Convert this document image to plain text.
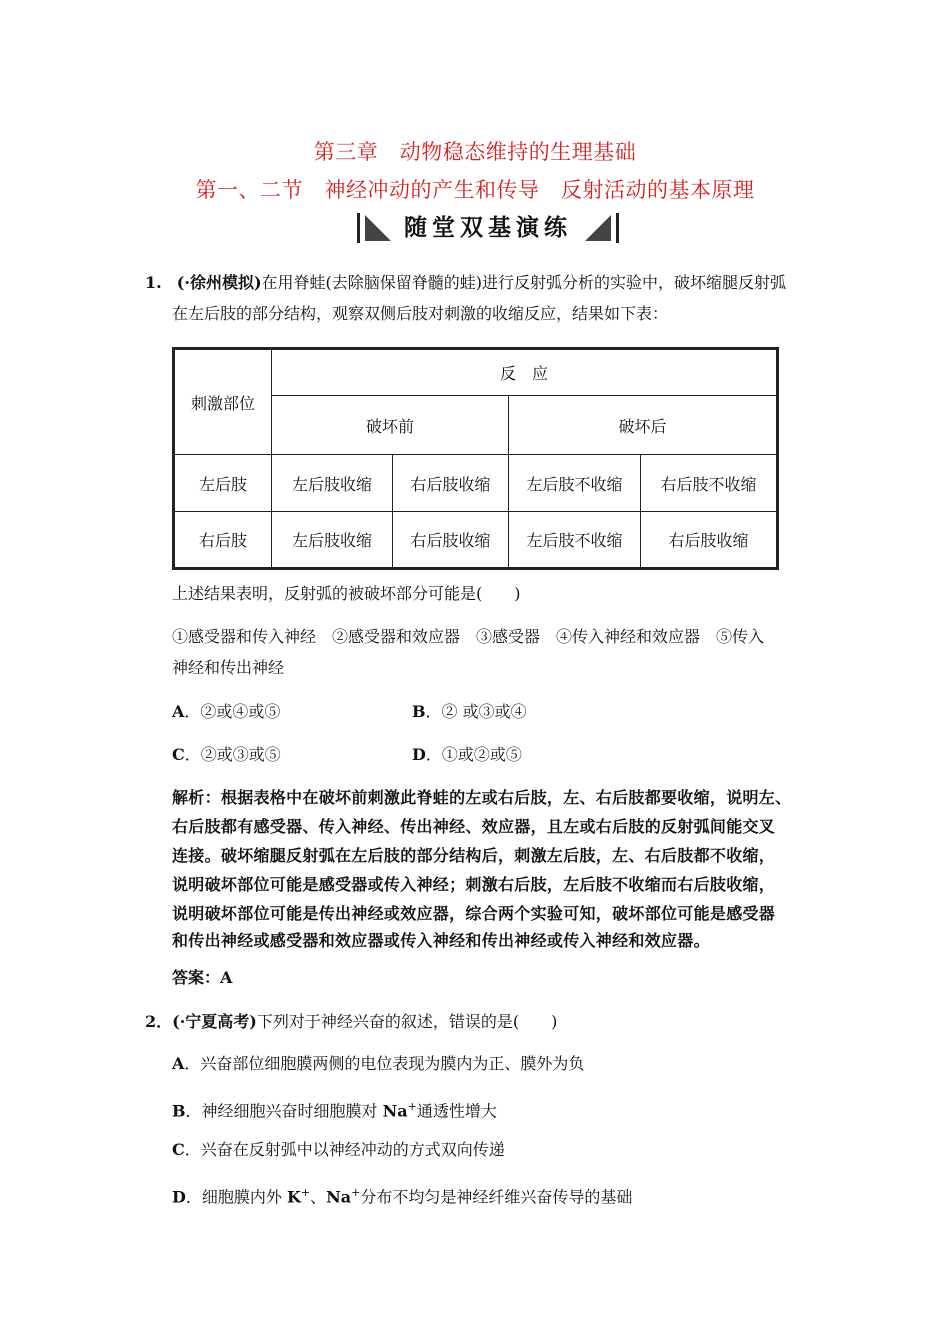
第三章　动物稳态维持的生理基础
第一、二节　神经冲动的产生和传导　反射活动的基本原理
随堂双基演练
1. (·徐州模拟)在用脊蛙(去除脑保留脊髓的蛙)进行反射弧分析的实验中，破坏缩腿反射弧
在左后肢的部分结构，观察双侧后肢对刺激的收缩反应，结果如下表：
刺激部位	反　应			
	破坏前		破坏后	
左后肢	左后肢收缩	右后肢收缩	左后肢不收缩	右后肢不收缩
右后肢	左后肢收缩	右后肢收缩	左后肢不收缩	右后肢收缩
上述结果表明，反射弧的被破坏部分可能是(　　)
①感受器和传入神经　②感受器和效应器　③感受器　④传入神经和效应器　⑤传入
神经和传出神经
A．②或④或⑤	B．② 或③或④
C．②或③或⑤	D．①或②或⑤
解析：根据表格中在破坏前刺激此脊蛙的左或右后肢，左、右后肢都要收缩，说明左、
右后肢都有感受器、传入神经、传出神经、效应器，且左或右后肢的反射弧间能交叉
连接。破坏缩腿反射弧在左后肢的部分结构后，刺激左后肢，左、右后肢都不收缩，
说明破坏部位可能是感受器或传入神经；刺激右后肢，左后肢不收缩而右后肢收缩，
说明破坏部位可能是传出神经或效应器，综合两个实验可知，破坏部位可能是感受器
和传出神经或感受器和效应器或传入神经和传出神经或传入神经和效应器。
答案：A
2．(·宁夏高考)下列对于神经兴奋的叙述，错误的是(　　)
A．兴奋部位细胞膜两侧的电位表现为膜内为正、膜外为负
B．神经细胞兴奋时细胞膜对 Na+通透性增大
C．兴奋在反射弧中以神经冲动的方式双向传递
D．细胞膜内外 K+、Na+分布不均匀是神经纤维兴奋传导的基础
